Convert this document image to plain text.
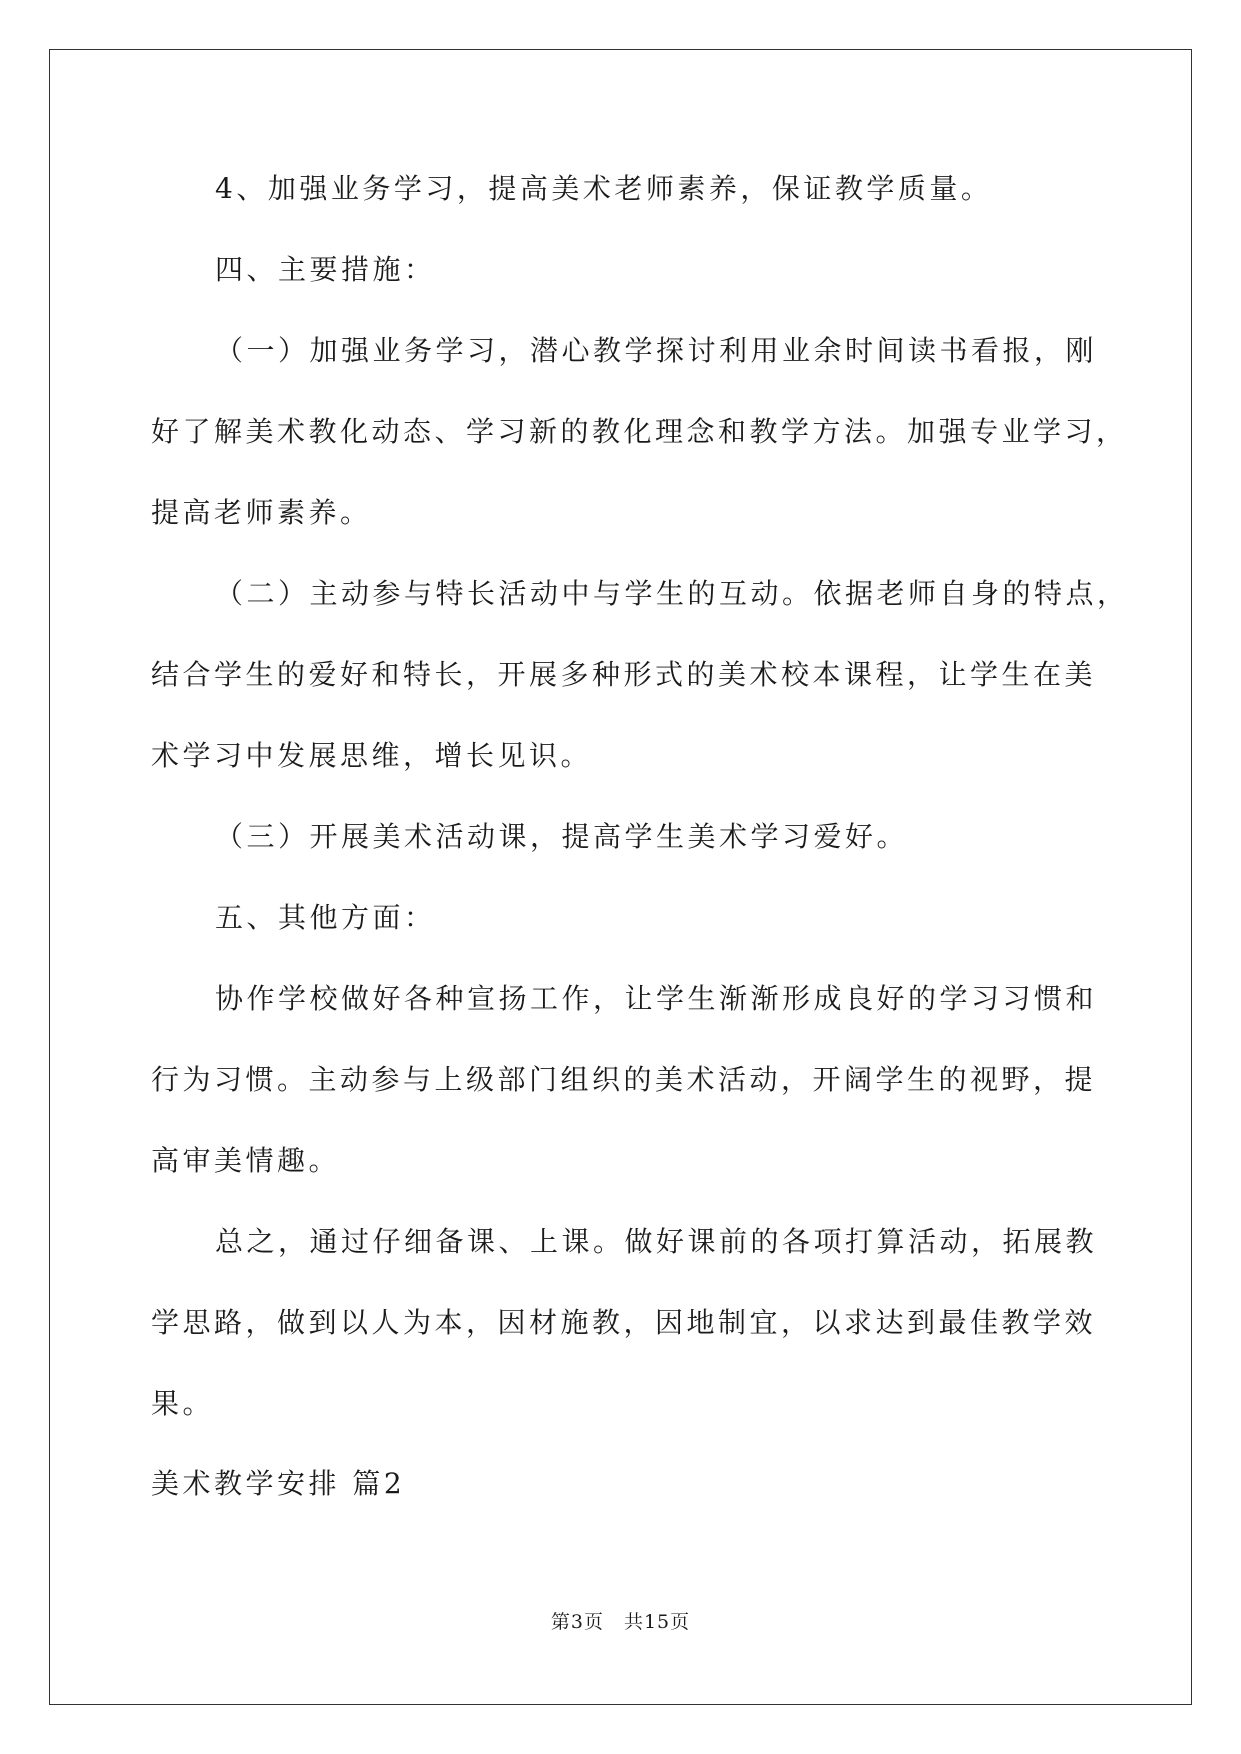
4、加强业务学习，提高美术老师素养，保证教学质量。
四、主要措施：
（一）加强业务学习，潜心教学探讨利用业余时间读书看报，刚
好了解美术教化动态、学习新的教化理念和教学方法。加强专业学习，
提高老师素养。
（二）主动参与特长活动中与学生的互动。依据老师自身的特点，
结合学生的爱好和特长，开展多种形式的美术校本课程，让学生在美
术学习中发展思维，增长见识。
（三）开展美术活动课，提高学生美术学习爱好。
五、其他方面：
协作学校做好各种宣扬工作，让学生渐渐形成良好的学习习惯和
行为习惯。主动参与上级部门组织的美术活动，开阔学生的视野，提
高审美情趣。
总之，通过仔细备课、上课。做好课前的各项打算活动，拓展教
学思路，做到以人为本，因材施教，因地制宜，以求达到最佳教学效
果。
美术教学安排 篇2
第3页　共15页
